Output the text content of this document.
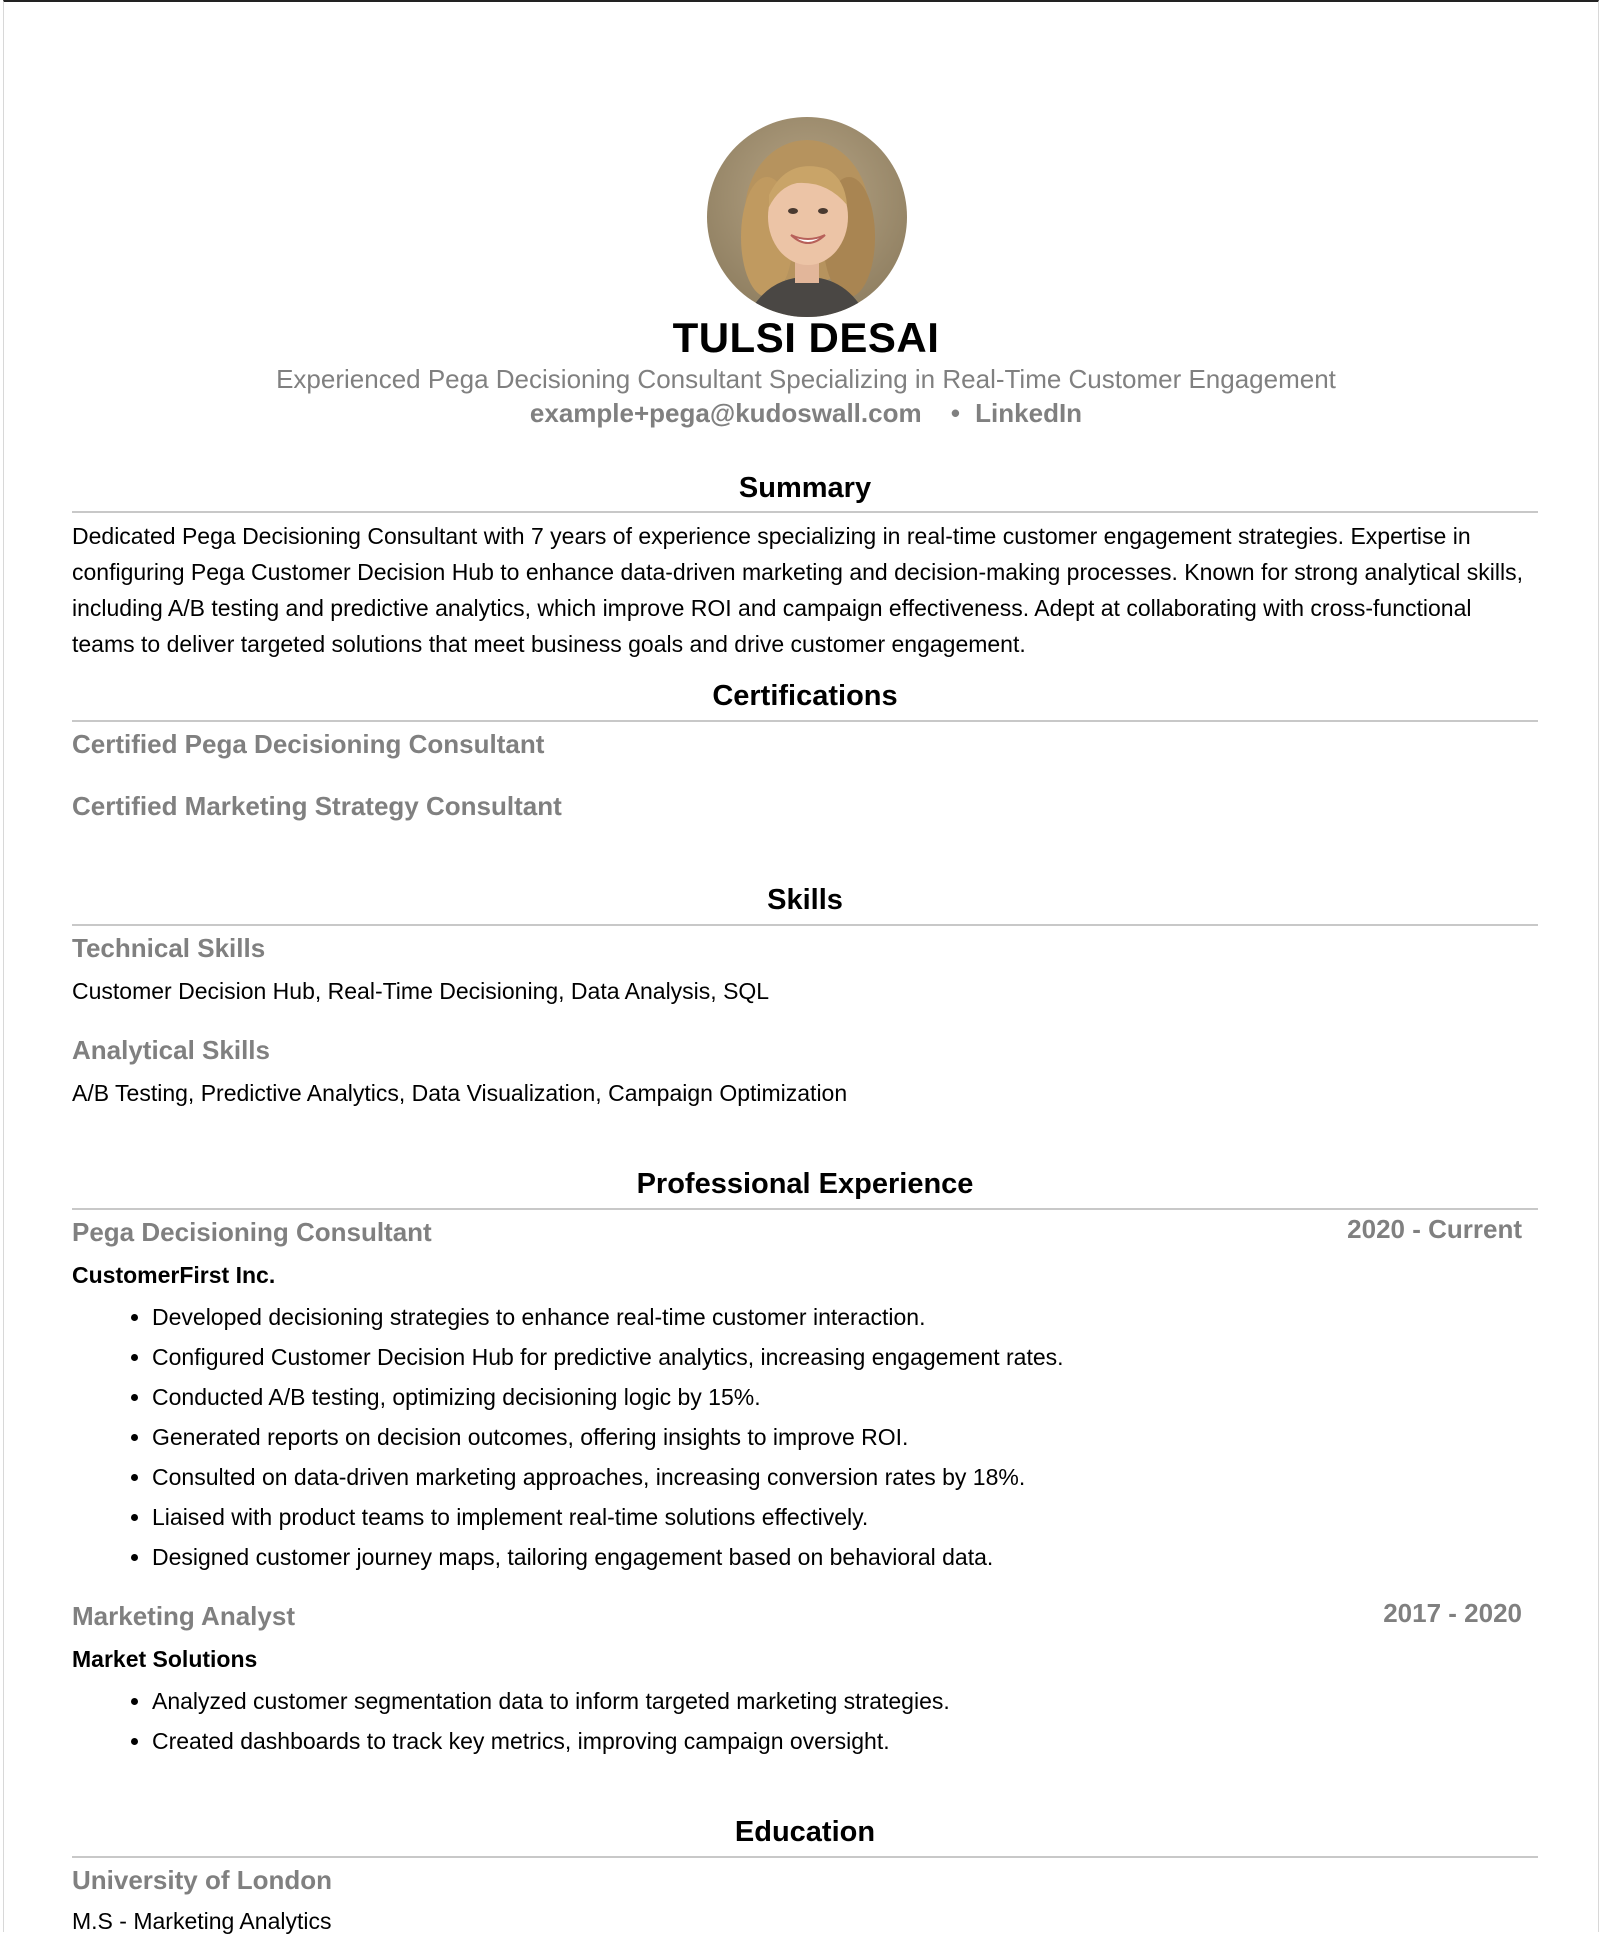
TULSI DESAI
Experienced Pega Decisioning Consultant Specializing in Real-Time Customer Engagement
example+pega@kudoswall.com • LinkedIn
Summary
Dedicated Pega Decisioning Consultant with 7 years of experience specializing in real-time customer engagement strategies. Expertise in configuring Pega Customer Decision Hub to enhance data-driven marketing and decision-making processes. Known for strong analytical skills, including A/B testing and predictive analytics, which improve ROI and campaign effectiveness. Adept at collaborating with cross-functional teams to deliver targeted solutions that meet business goals and drive customer engagement.
Certifications
Certified Pega Decisioning Consultant
Certified Marketing Strategy Consultant
Skills
Technical Skills
Customer Decision Hub, Real-Time Decisioning, Data Analysis, SQL
Analytical Skills
A/B Testing, Predictive Analytics, Data Visualization, Campaign Optimization
Professional Experience
Pega Decisioning Consultant	2020 - Current
CustomerFirst Inc.
• Developed decisioning strategies to enhance real-time customer interaction.
• Configured Customer Decision Hub for predictive analytics, increasing engagement rates.
• Conducted A/B testing, optimizing decisioning logic by 15%.
• Generated reports on decision outcomes, offering insights to improve ROI.
• Consulted on data-driven marketing approaches, increasing conversion rates by 18%.
• Liaised with product teams to implement real-time solutions effectively.
• Designed customer journey maps, tailoring engagement based on behavioral data.
Marketing Analyst	2017 - 2020
Market Solutions
• Analyzed customer segmentation data to inform targeted marketing strategies.
• Created dashboards to track key metrics, improving campaign oversight.
Education
University of London
M.S - Marketing Analytics
